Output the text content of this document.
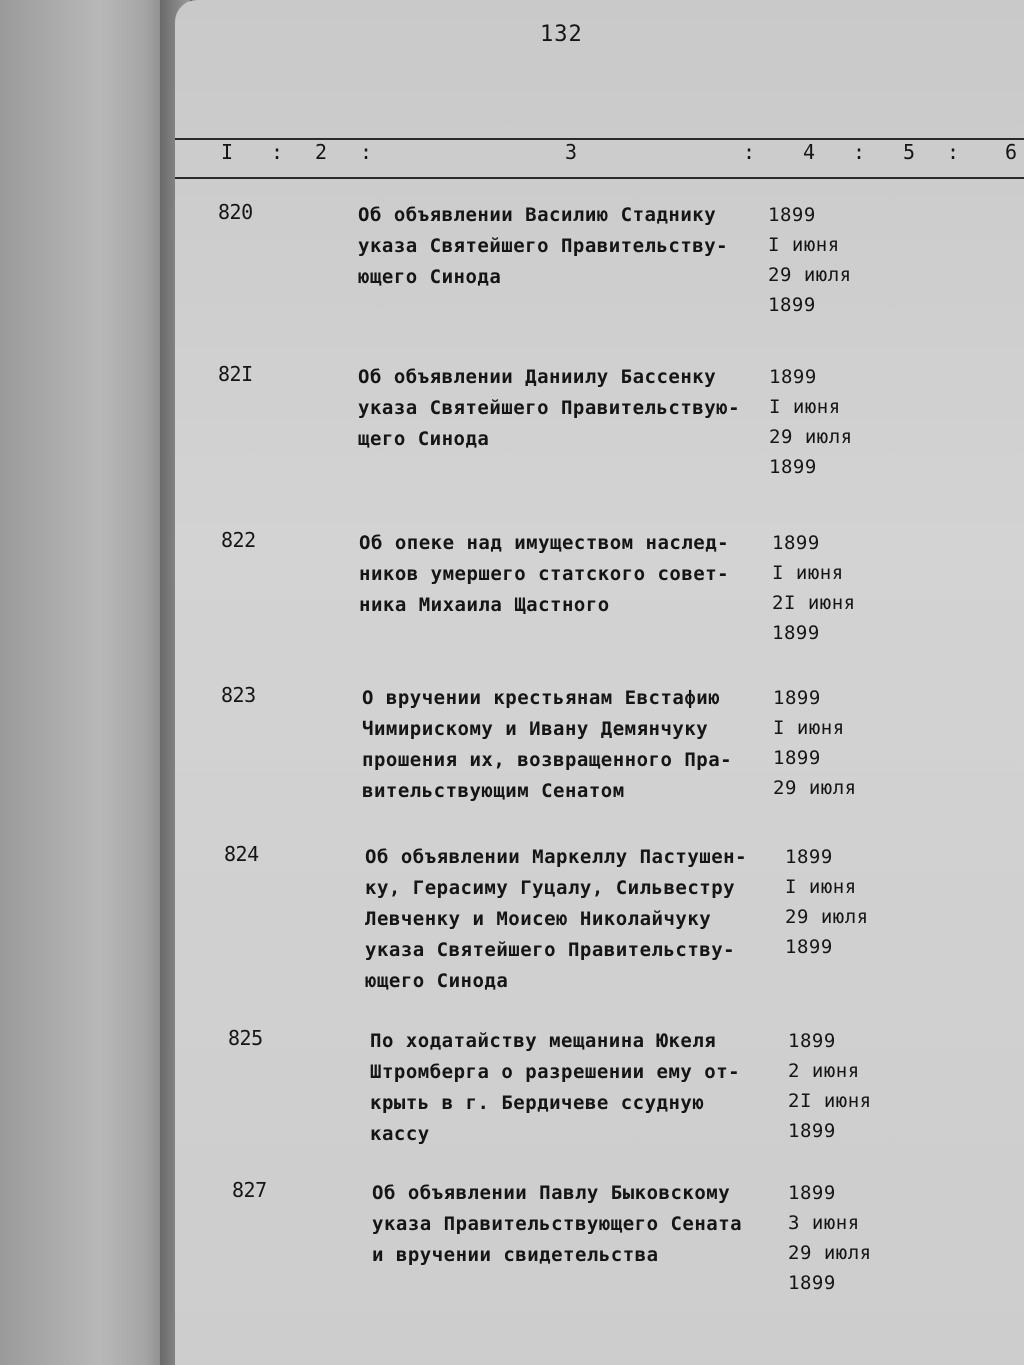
132
I : 2 :	3	: 4 : 5 : 6
820	Об объявлении Василию Стаднику
указа Святейшего Правительству-
ющего Синода
1899
I июня
29 июля
1899
82I	Об объявлении Даниилу Бассенку
указа Святейшего Правительствую-
щего Синода
1899
I июня
29 июля
1899
822	Об опеке над имуществом наслед-
ников умершего статского совет-
ника Михаила Щастного
1899
I июня
2I июня
1899
823	О вручении крестьянам Евстафию
Чимирискому и Ивану Демянчуку
прошения их, возвращенного Пра-
вительствующим Сенатом
1899
I июня
1899
29 июля
824	Об объявлении Маркеллу Пастушен-
ку, Герасиму Гуцалу, Сильвестру
Левченку и Моисею Николайчуку
указа Святейшего Правительству-
ющего Синода
1899
I июня
29 июля
1899
825	По ходатайству мещанина Юкеля
Штромберга о разрешении ему от-
крыть в г. Бердичеве ссудную
кассу
1899
2 июня
2I июня
1899
827	Об объявлении Павлу Быковскому
указа Правительствующего Сената
и вручении свидетельства
1899
3 июня
29 июля
1899
